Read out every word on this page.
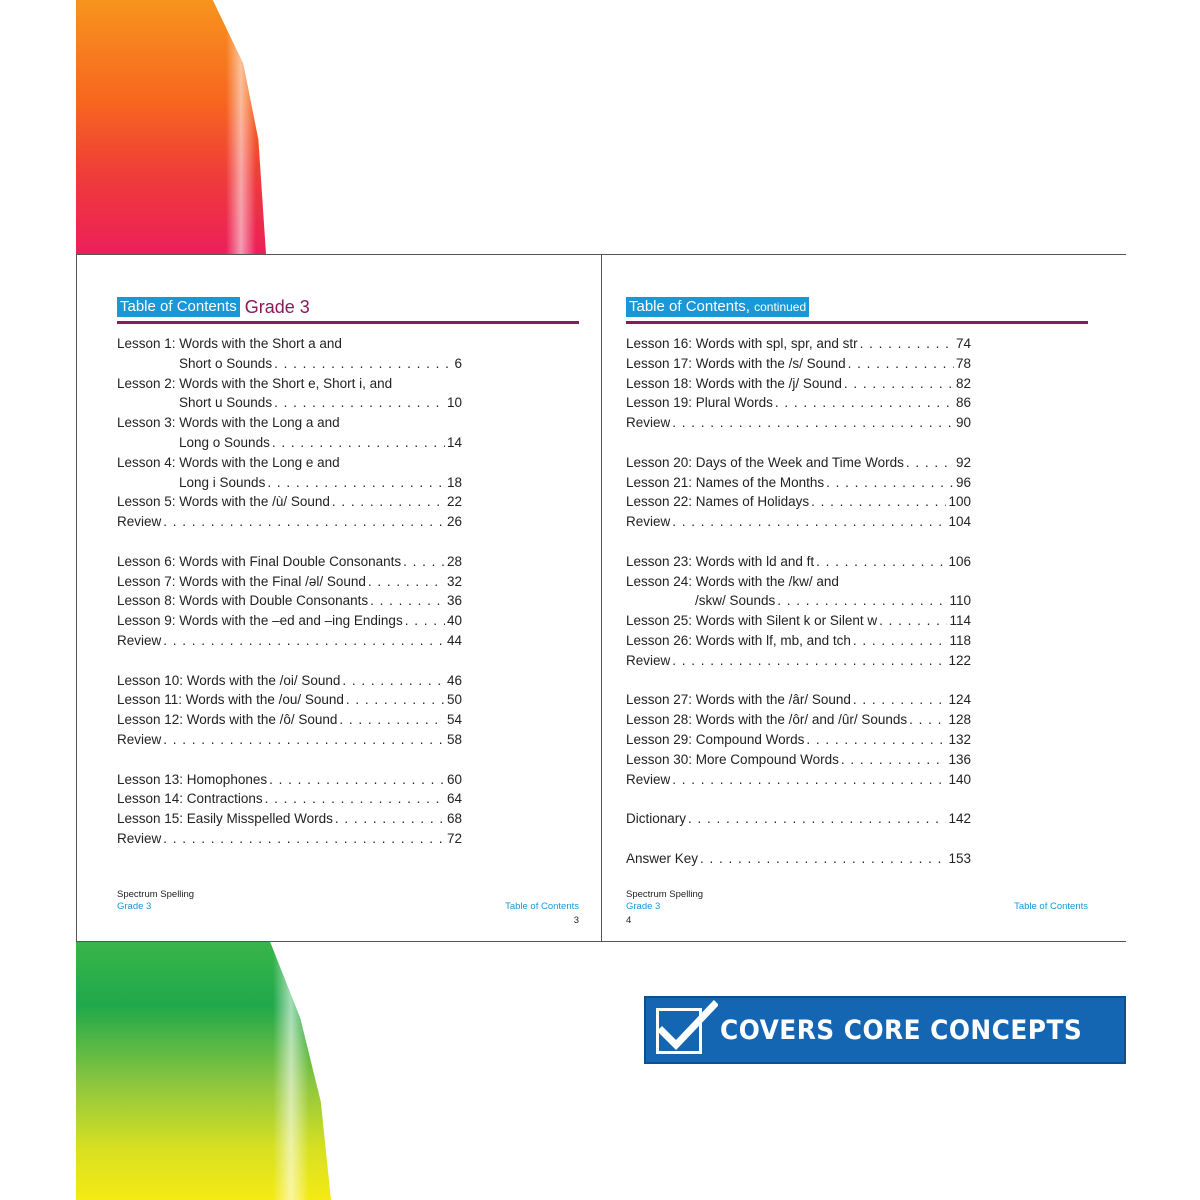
Table of Contents Grade 3
Lesson 1: Words with the Short a and
Short o Sounds . . .	6
Lesson 2: Words with the Short e, Short i, and
Short u Sounds . . .	10
Lesson 3: Words with the Long a and
Long o Sounds . . .	14
Lesson 4: Words with the Long e and
Long i Sounds . . .	18
Lesson 5: Words with the /ù/ Sound . . .	22
Review . . .	26
Lesson 6: Words with Final Double Consonants . . .	28
Lesson 7: Words with the Final /əl/ Sound . . .	32
Lesson 8: Words with Double Consonants . . .	36
Lesson 9: Words with the –ed and –ing Endings . . .	40
Review . . .	44
Lesson 10: Words with the /oi/ Sound . . .	46
Lesson 11: Words with the /ou/ Sound . . .	50
Lesson 12: Words with the /ô/ Sound . . .	54
Review . . .	58
Lesson 13: Homophones . . .	60
Lesson 14: Contractions . . .	64
Lesson 15: Easily Misspelled Words . . .	68
Review . . .	72
Spectrum Spelling
Grade 3	Table of Contents
3
Table of Contents, continued
Lesson 16: Words with spl, spr, and str . . .	74
Lesson 17: Words with the /s/ Sound . . .	78
Lesson 18: Words with the /j/ Sound . . .	82
Lesson 19: Plural Words . . .	86
Review . . .	90
Lesson 20: Days of the Week and Time Words . . .	92
Lesson 21: Names of the Months . . .	96
Lesson 22: Names of Holidays . . .	100
Review . . .	104
Lesson 23: Words with ld and ft . . .	106
Lesson 24: Words with the /kw/ and
/skw/ Sounds . . .	110
Lesson 25: Words with Silent k or Silent w . . .	114
Lesson 26: Words with lf, mb, and tch . . .	118
Review . . .	122
Lesson 27: Words with the /âr/ Sound . . .	124
Lesson 28: Words with the /ôr/ and /ûr/ Sounds . . .	128
Lesson 29: Compound Words . . .	132
Lesson 30: More Compound Words . . .	136
Review . . .	140
Dictionary . . .	142
Answer Key . . .	153
Spectrum Spelling
Grade 3	Table of Contents
4
COVERS CORE CONCEPTS
